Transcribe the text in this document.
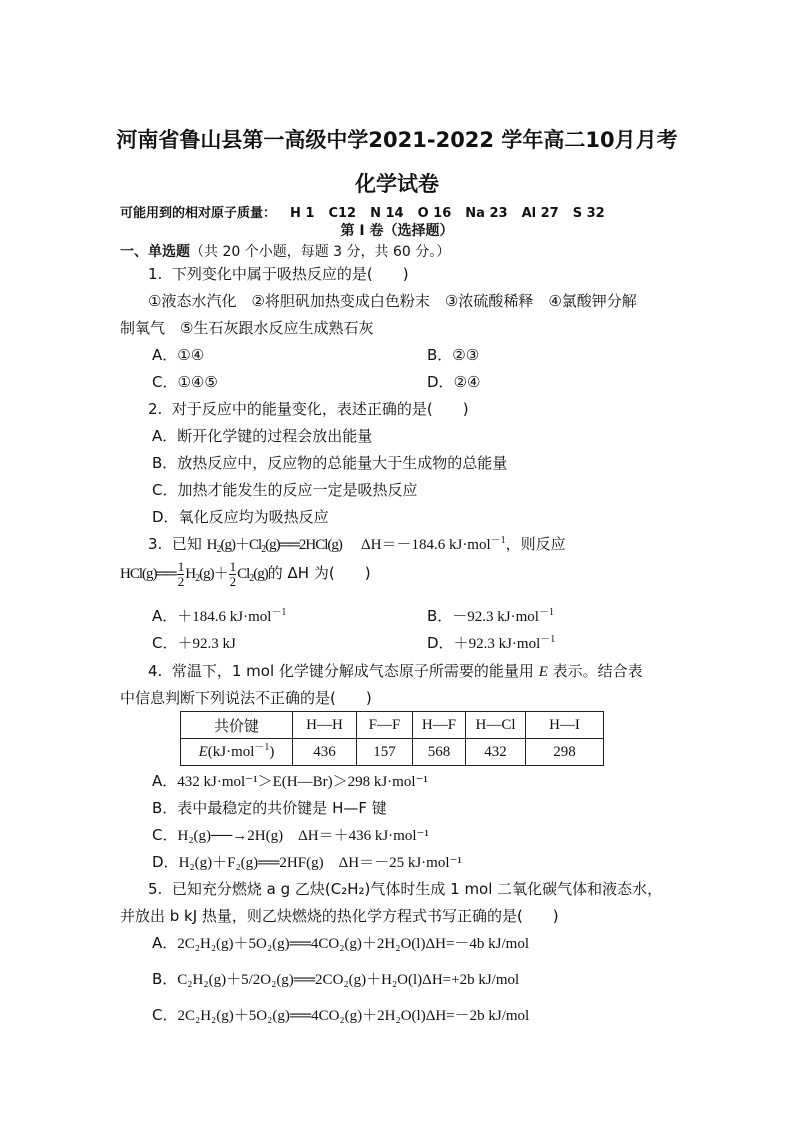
河南省鲁山县第一高级中学2021-2022 学年高二10月月考
化学试卷
可能用到的相对原子质量： H 1 C12 N 14 O 16 Na 23 Al 27 S 32
第 I 卷（选择题）
一、单选题（共 20 个小题，每题 3 分，共 60 分。）
1. 下列变化中属于吸热反应的是(　　)
①液态水汽化　②将胆矾加热变成白色粉末　③浓硫酸稀释　④氯酸钾分解
制氧气　⑤生石灰跟水反应生成熟石灰
A．①④	B．②③
C．①④⑤	D．②④
2. 对于反应中的能量变化，表述正确的是(　　)
A．断开化学键的过程会放出能量
B．放热反应中，反应物的总能量大于生成物的总能量
C．加热才能发生的反应一定是吸热反应
D．氧化反应均为吸热反应
3. 已知 $H_2(g)+Cl_2(g)══2HCl(g)$ ΔH＝－184.6 kJ·mol$^{-1}$，则反应
HCl(g)══ $\frac{1}{2} H_2(g)+ \frac{1}{2} Cl_2(g)$的 ΔH 为(　　)
A．＋184.6 kJ·mol$^{-1}$	B．－92.3 kJ·mol$^{-1}$
C．＋92.3 kJ	D．＋92.3 kJ·mol$^{-1}$
4. 常温下，1 mol 化学键分解成气态原子所需要的能量用 E 表示。结合表
中信息判断下列说法不正确的是(　　)
共价键	H—H	F—F	H—F	H—Cl	H—I
E(kJ·mol$^{-1}$)	436	157	568	432	298
A．432 kJ·mol⁻¹＞E(H—Br)＞298 kJ·mol⁻¹
B．表中最稳定的共价键是 H—F 键
C．H₂(g)──→2H(g)　ΔH＝＋436 kJ·mol⁻¹
D．H₂(g)＋F₂(g)══2HF(g)　ΔH＝－25 kJ·mol⁻¹
5. 已知充分燃烧 a g 乙炔(C₂H₂)气体时生成 1 mol 二氧化碳气体和液态水，
并放出 b kJ 热量，则乙炔燃烧的热化学方程式书写正确的是(　　)
A．2C₂H₂(g)＋5O₂(g)══4CO₂(g)＋2H₂O(l)ΔH=－4b kJ/mol
B．C₂H₂(g)＋5/2O₂(g)══2CO₂(g)＋H₂O(l)ΔH=+2b kJ/mol
C．2C₂H₂(g)＋5O₂(g)══4CO₂(g)＋2H₂O(l)ΔH=－2b kJ/mol
